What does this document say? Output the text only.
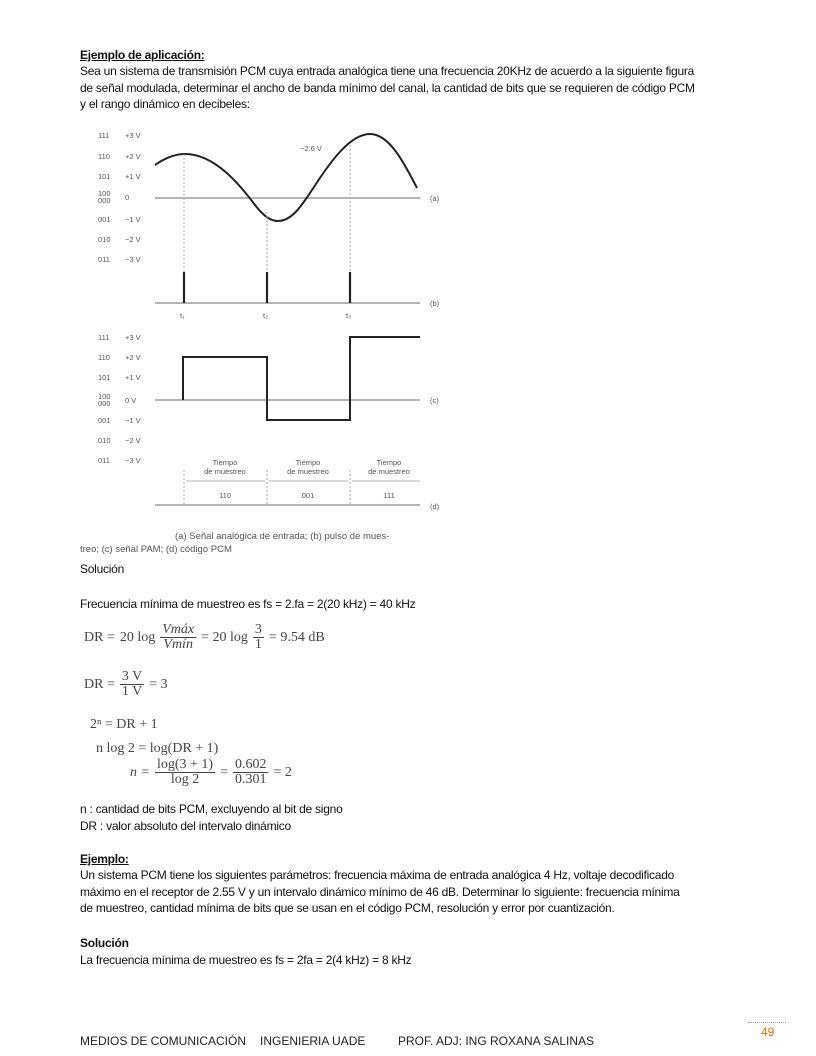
Ejemplo de aplicación:
Sea un sistema de transmisión PCM cuya entrada analógica tiene una frecuencia 20KHz de acuerdo a la siguiente figura
de señal modulada, determinar el ancho de banda mínimo del canal, la cantidad de bits que se requieren de código PCM
y el rango dinámico en decibeles:
111 +3 V
110 +2 V
101 +1 V
100
000 0
001 −1 V
010 −2 V
011 −3 V
111 +3 V
110 +2 V
101 +1 V
100
000 0 V
001 −1 V
010 −2 V
011 −3 V
−2.6 V
(a)
(b)
t₁	t₂	t₃
(c)
Tiempo
de muestreo
Tiempo
de muestreo
Tiempo
de muestreo
110	001	111
(d)
(a) Señal analógica de entrada; (b) pulso de mues-
treo; (c) señal PAM; (d) código PCM
Solución
Frecuencia mínima de muestreo es fs = 2.fa = 2(20 kHz) = 40 kHz
DR = 20 log Vmáx
Vmín = 20 $\log \frac{3}{1} = 9.54$ dB
DR = $\frac{3 V}{1 V} = 3$
2ⁿ = DR + 1
n log 2 = log(DR + 1)
$n = \frac{\log(3 + 1)}{\log 2} = \frac{0.602}{0.301} = 2$
n : cantidad de bits PCM, excluyendo al bit de signo
DR : valor absoluto del intervalo dinámico
Ejemplo:
Un sistema PCM tiene los siguientes parámetros: frecuencia máxima de entrada analógica 4 Hz, voltaje decodificado
máximo en el receptor de 2.55 V y un intervalo dinámico mínimo de 46 dB. Determinar lo siguiente: frecuencia mínima
de muestreo, cantidad mínima de bits que se usan en el código PCM, resolución y error por cuantización.
Solución
La frecuencia mínima de muestreo es fs = 2fa = 2(4 kHz) = 8 kHz
49
MEDIOS DE COMUNICACIÓN INGENIERIA UADE	PROF. ADJ: ING ROXANA SALINAS
